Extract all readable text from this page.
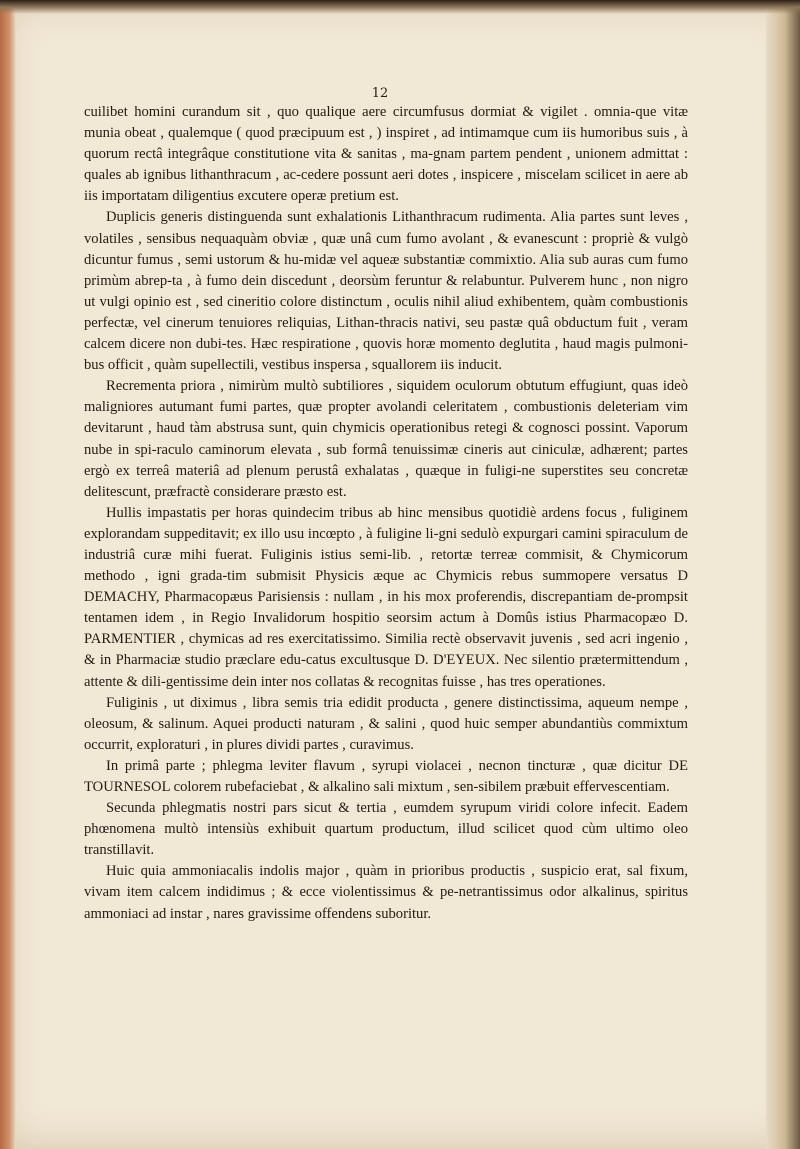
12

cuilibet homini curandum sit , quo qualique aere circumfusus dormiat & vigilet . omnia-que vitæ munia obeat , qualemque ( quod præcipuum est , ) inspiret , ad intimamque cum iis humoribus suis , à quorum rectâ integrâque constitutione vita & sanitas , ma-gnam partem pendent , unionem admittat : quales ab ignibus lithanthracum , ac-cedere possunt aeri dotes , inspicere , miscelam scilicet in aere ab iis importatam diligentius excutere operæ pretium est.

Duplicis generis distinguenda sunt exhalationis Lithanthracum rudimenta. Alia partes sunt leves , volatiles , sensibus nequaquàm obviæ , quæ unâ cum fumo avolant , & evanescunt : propriè & vulgò dicuntur fumus , semi ustorum & hu-midæ vel aqueæ substantiæ commixtio. Alia sub auras cum fumo primùm abrep-ta , à fumo dein discedunt , deorsùm feruntur & relabuntur. Pulverem hunc , non nigro ut vulgi opinio est , sed cineritio colore distinctum , oculis nihil aliud exhibentem, quàm combustionis perfectæ, vel cinerum tenuiores reliquias, Lithan-thracis nativi, seu pastæ quâ obductum fuit , veram calcem dicere non dubi-tes. Hæc respiratione , quovis horæ momento deglutita , haud magis pulmoni-bus officit , quàm supellectili, vestibus inspersa , squallorem iis inducit.

Recrementa priora , nimirùm multò subtiliores , siquidem oculorum obtutum effugiunt, quas ideò maligniores autumant fumi partes, quæ propter avolandi celeritatem , combustionis deleteriam vim devitarunt , haud tàm abstrusa sunt, quin chymicis operationibus retegi & cognosci possint. Vaporum nube in spi-raculo caminorum elevata , sub formâ tenuissimæ cineris aut ciniculæ, adhærent; partes ergò ex terreâ materiâ ad plenum perustâ exhalatas , quæque in fuligi-ne superstites seu concretæ delitescunt, præfractè considerare præsto est.

Hullis impastatis per horas quindecim tribus ab hinc mensibus quotidiè ardens focus , fuliginem explorandam suppeditavit; ex illo usu incœpto , à fuligine li-gni sedulò expurgari camini spiraculum de industriâ curæ mihi fuerat. Fuliginis istius semi-lib. , retortæ terreæ commisit, & Chymicorum methodo , igni grada-tim submisit Physicis æque ac Chymicis rebus summopere versatus D DEMACHY, Pharmacopæus Parisiensis : nullam , in his mox proferendis, discrepantiam de-prompsit tentamen idem , in Regio Invalidorum hospitio seorsim actum à Domûs istius Pharmacopæo D. PARMENTIER , chymicas ad res exercitatissimo. Similia rectè observavit juvenis , sed acri ingenio , & in Pharmaciæ studio præclare edu-catus excultusque D. D'EYEUX. Nec silentio prætermittendum , attente & dili-gentissime dein inter nos collatas & recognitas fuisse , has tres operationes.

Fuliginis , ut diximus , libra semis tria edidit producta , genere distinctissima, aqueum nempe , oleosum, & salinum. Aquei producti naturam , & salini , quod huic semper abundantiùs commixtum occurrit, exploraturi , in plures dividi partes , curavimus.

In primâ parte ; phlegma leviter flavum , syrupi violacei , necnon tincturæ , quæ dicitur DE TOURNESOL colorem rubefaciebat , & alkalino sali mixtum , sen-sibilem præbuit effervescentiam.

Secunda phlegmatis nostri pars sicut & tertia , eumdem syrupum viridi colore infecit. Eadem phœnomena multò intensiùs exhibuit quartum productum, illud scilicet quod cùm ultimo oleo transtillavit.

Huic quia ammoniacalis indolis major , quàm in prioribus productis , suspicio erat, sal fixum, vivam item calcem indidimus ; & ecce violentissimus & pe-netrantissimus odor alkalinus, spiritus ammoniaci ad instar , nares gravissime offendens suboritur.
